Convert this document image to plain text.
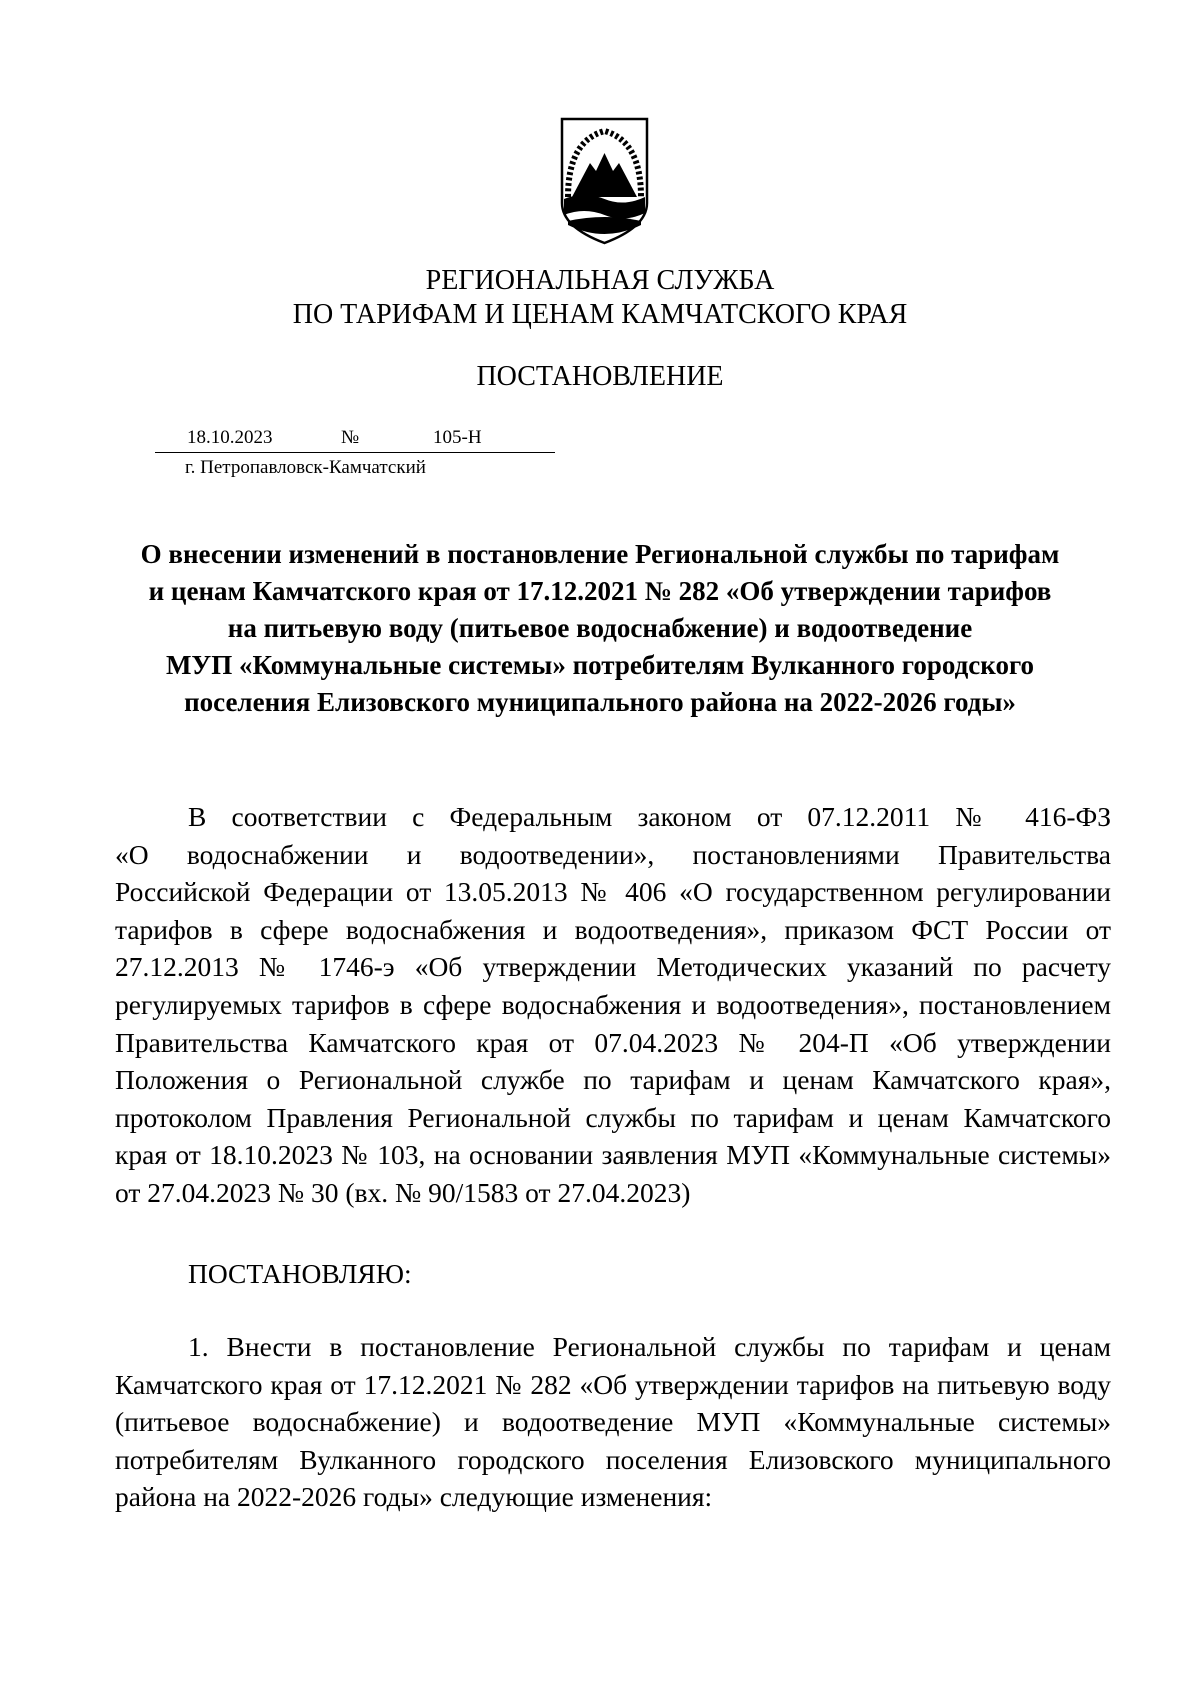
РЕГИОНАЛЬНАЯ СЛУЖБА
ПО ТАРИФАМ И ЦЕНАМ КАМЧАТСКОГО КРАЯ
ПОСТАНОВЛЕНИЕ
18.10.2023	№	105-Н
г. Петропавловск-Камчатский
О внесении изменений в постановление Региональной службы по тарифам
и ценам Камчатского края от 17.12.2021 № 282 «Об утверждении тарифов
на питьевую воду (питьевое водоснабжение) и водоотведение
МУП «Коммунальные системы» потребителям Вулканного городского
поселения Елизовского муниципального района на 2022-2026 годы»
В соответствии с Федеральным законом от 07.12.2011 № 416-ФЗ
«О водоснабжении и водоотведении», постановлениями Правительства
Российской Федерации от 13.05.2013 № 406 «О государственном регулировании
тарифов в сфере водоснабжения и водоотведения», приказом ФСТ России от
27.12.2013 № 1746-э «Об утверждении Методических указаний по расчету
регулируемых тарифов в сфере водоснабжения и водоотведения», постановлением
Правительства Камчатского края от 07.04.2023 № 204-П «Об утверждении
Положения о Региональной службе по тарифам и ценам Камчатского края»,
протоколом Правления Региональной службы по тарифам и ценам Камчатского
края от 18.10.2023 № 103, на основании заявления МУП «Коммунальные системы»
от 27.04.2023 № 30 (вх. № 90/1583 от 27.04.2023)
ПОСТАНОВЛЯЮ:
1. Внести в постановление Региональной службы по тарифам и ценам
Камчатского края от 17.12.2021 № 282 «Об утверждении тарифов на питьевую воду
(питьевое водоснабжение) и водоотведение МУП «Коммунальные системы»
потребителям Вулканного городского поселения Елизовского муниципального
района на 2022-2026 годы» следующие изменения:
